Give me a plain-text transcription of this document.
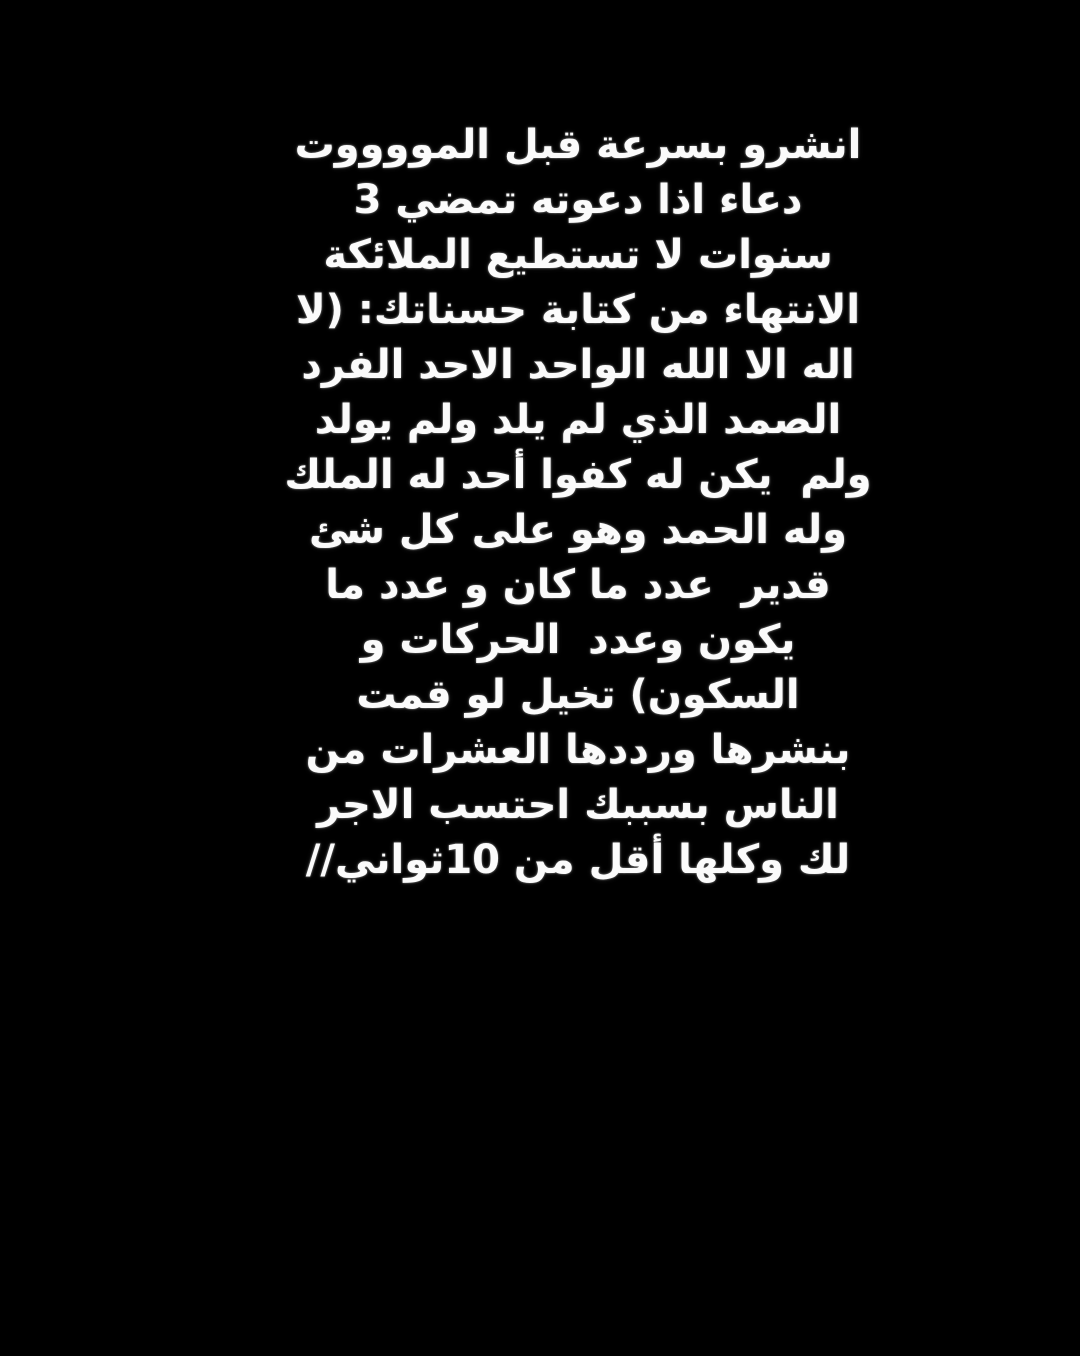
انشرو بسرعة قبل المووووت
دعاء اذا دعوته تمضي 3
سنوات لا تستطيع الملائكة
الانتهاء من كتابة حسناتك: (لا
اله الا الله الواحد الاحد الفرد
الصمد الذي لم يلد ولم يولد
ولم  يكن له كفوا أحد له الملك
وله الحمد وهو على كل شئ
قدير  عدد ما كان و عدد ما
يكون وعدد  الحركات و
السكون) تخيل لو قمت
بنشرها ورددها العشرات من
الناس بسببك احتسب الاجر
لك وكلها أقل من 10ثواني//
